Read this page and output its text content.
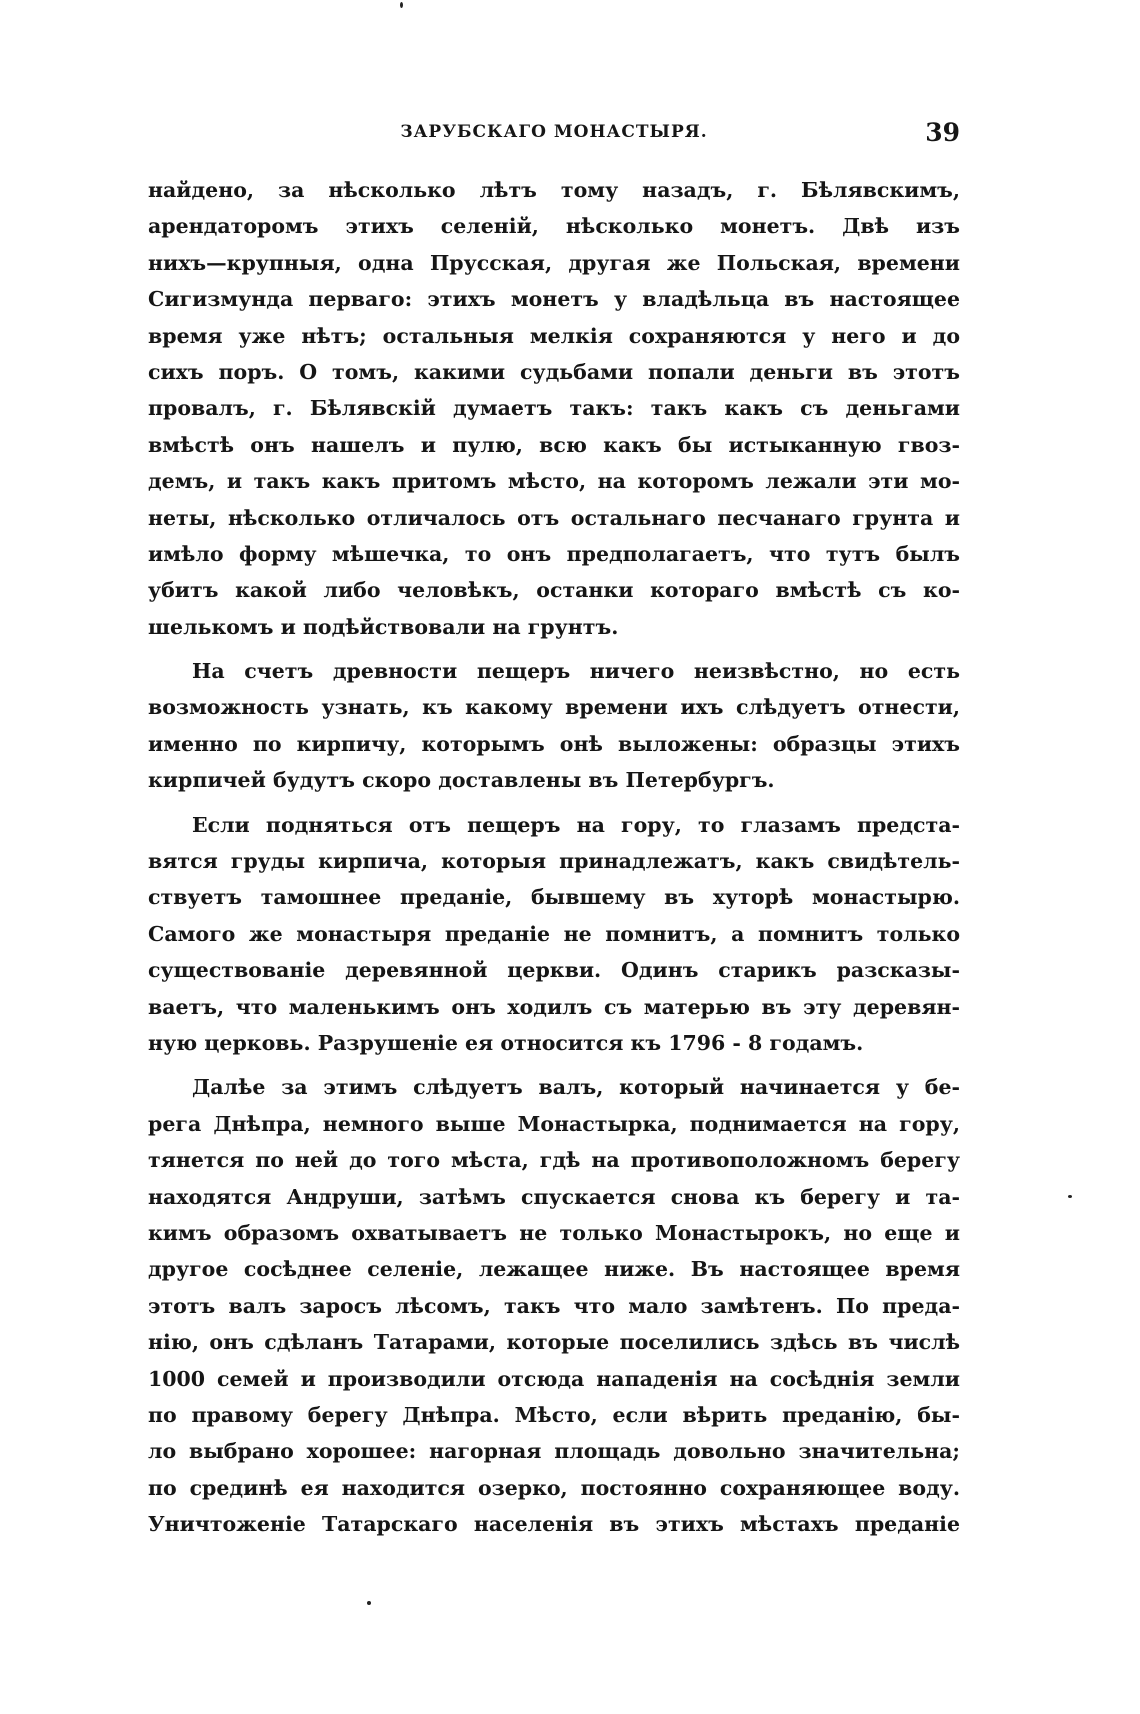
ЗАРУБСКАГО МОНАСТЫРЯ.	39
найдено, за нѣсколько лѣтъ тому назадъ, г. Бѣлявскимъ,
арендаторомъ этихъ селеній, нѣсколько монетъ. Двѣ изъ
нихъ—крупныя, одна Прусская, другая же Польская, времени
Сигизмунда перваго: этихъ монетъ у владѣльца въ настоящее
время уже нѣтъ; остальныя мелкія сохраняются у него и до
сихъ поръ. О томъ, какими судьбами попали деньги въ этотъ
провалъ, г. Бѣлявскій думаетъ такъ: такъ какъ съ деньгами
вмѣстѣ онъ нашелъ и пулю, всю какъ бы истыканную гвоз-
демъ, и такъ какъ притомъ мѣсто, на которомъ лежали эти мо-
неты, нѣсколько отличалось отъ остальнаго песчанаго грунта и
имѣло форму мѣшечка, то онъ предполагаетъ, что тутъ былъ
убитъ какой либо человѣкъ, останки котораго вмѣстѣ съ ко-
шелькомъ и подѣйствовали на грунтъ.
На счетъ древности пещеръ ничего неизвѣстно, но есть
возможность узнать, къ какому времени ихъ слѣдуетъ отнести,
именно по кирпичу, которымъ онѣ выложены: образцы этихъ
кирпичей будутъ скоро доставлены въ Петербургъ.
Если подняться отъ пещеръ на гору, то глазамъ предста-
вятся груды кирпича, которыя принадлежатъ, какъ свидѣтель-
ствуетъ тамошнее преданіе, бывшему въ хуторѣ монастырю.
Самого же монастыря преданіе не помнитъ, а помнитъ только
существованіе деревянной церкви. Одинъ старикъ разсказы-
ваетъ, что маленькимъ онъ ходилъ съ матерью въ эту деревян-
ную церковь. Разрушеніе ея относится къ 1796 - 8 годамъ.
Далѣе за этимъ слѣдуетъ валъ, который начинается у бе-
рега Днѣпра, немного выше Монастырка, поднимается на гору,
тянется по ней до того мѣста, гдѣ на противоположномъ берегу
находятся Андруши, затѣмъ спускается снова къ берегу и та-
кимъ образомъ охватываетъ не только Монастырокъ, но еще и
другое сосѣднее селеніе, лежащее ниже. Въ настоящее время
этотъ валъ заросъ лѣсомъ, такъ что мало замѣтенъ. По преда-
нію, онъ сдѣланъ Татарами, которые поселились здѣсь въ числѣ
1000 семей и производили отсюда нападенія на сосѣднія земли
по правому берегу Днѣпра. Мѣсто, если вѣрить преданію, бы-
ло выбрано хорошее: нагорная площадь довольно значительна;
по срединѣ ея находится озерко, постоянно сохраняющее воду.
Уничтоженіе Татарскаго населенія въ этихъ мѣстахъ преданіе
